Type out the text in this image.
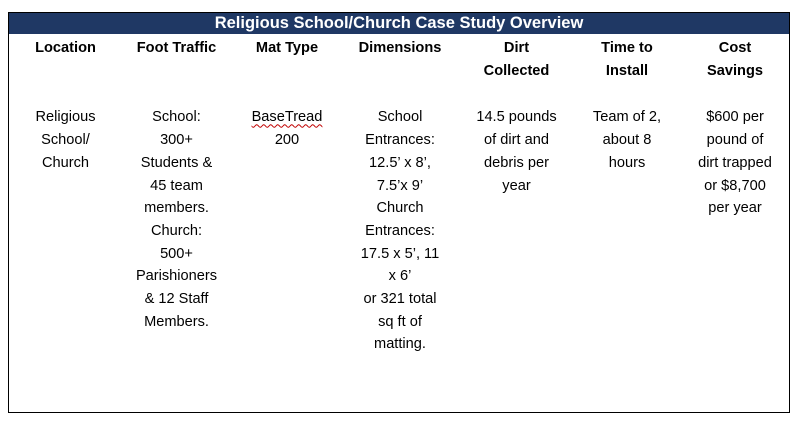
Religious School/Church Case Study Overview
Location
Religious
School/
Church
Foot Traffic
School:
300+
Students &
45 team
members.
Church:
500+
Parishioners
& 12 Staff
Members.
Mat Type
BaseTread
200
Dimensions
School
Entrances:
12.5’ x 8’,
7.5’x 9’
Church
Entrances:
17.5 x 5’, 11
x 6’
or 321 total
sq ft of
matting.
Dirt
Collected
14.5 pounds
of dirt and
debris per
year
Time to
Install
Team of 2,
about 8
hours
Cost
Savings
$600 per
pound of
dirt trapped
or $8,700
per year
